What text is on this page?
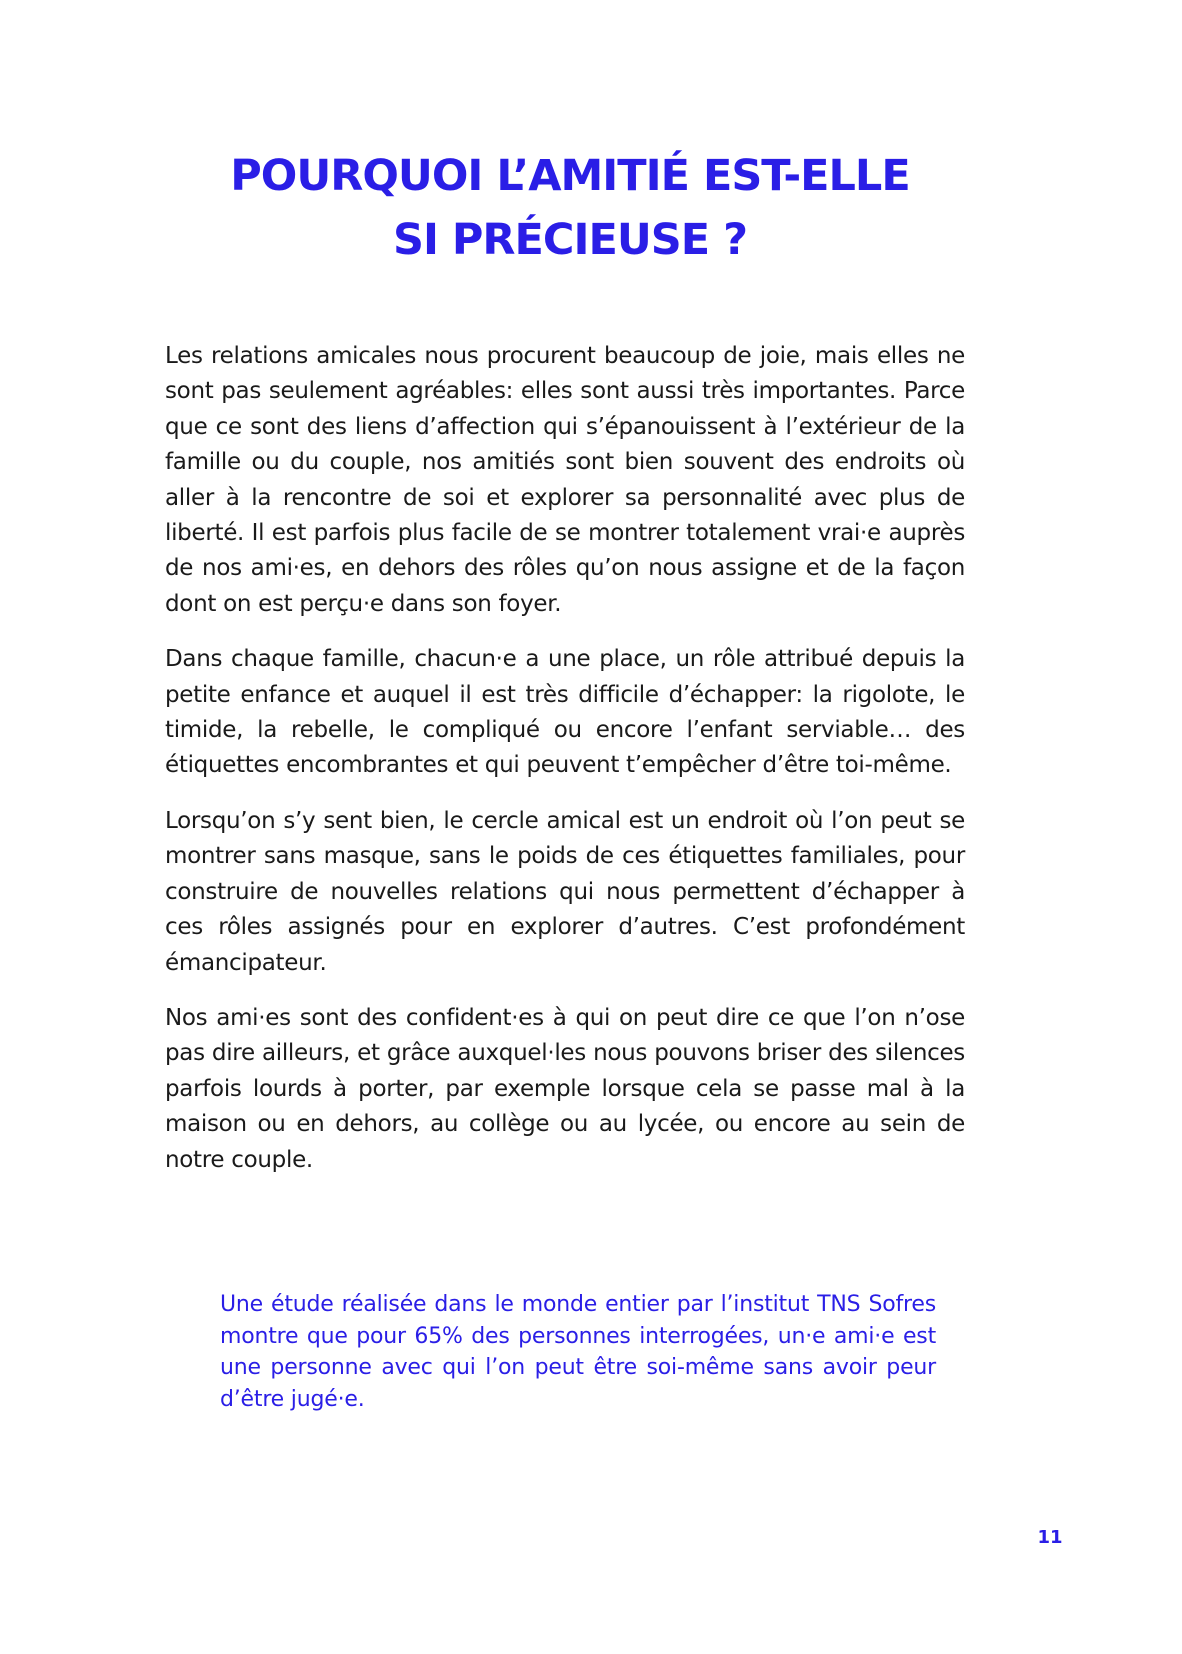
POURQUOI L’AMITIÉ EST-ELLE
SI PRÉCIEUSE ?

Les relations amicales nous procurent beaucoup de joie, mais elles ne sont pas seulement agréables: elles sont aussi très importantes. Parce que ce sont des liens d’affection qui s’épanouissent à l’extérieur de la famille ou du couple, nos amitiés sont bien souvent des endroits où aller à la rencontre de soi et explorer sa personnalité avec plus de liberté. Il est parfois plus facile de se montrer totalement vrai·e auprès de nos ami·es, en dehors des rôles qu’on nous assigne et de la façon dont on est perçu·e dans son foyer.

Dans chaque famille, chacun·e a une place, un rôle attribué depuis la petite enfance et auquel il est très difficile d’échapper: la rigolote, le timide, la rebelle, le compliqué ou encore l’enfant serviable… des étiquettes encombrantes et qui peuvent t’empêcher d’être toi-même.

Lorsqu’on s’y sent bien, le cercle amical est un endroit où l’on peut se montrer sans masque, sans le poids de ces étiquettes familiales, pour construire de nouvelles relations qui nous permettent d’échapper à ces rôles assignés pour en explorer d’autres. C’est profondément émancipateur.

Nos ami·es sont des confident·es à qui on peut dire ce que l’on n’ose pas dire ailleurs, et grâce auxquel·les nous pouvons briser des silences parfois lourds à porter, par exemple lorsque cela se passe mal à la maison ou en dehors, au collège ou au lycée, ou encore au sein de notre couple.

Une étude réalisée dans le monde entier par l’institut TNS Sofres montre que pour 65% des personnes interrogées, un·e ami·e est une personne avec qui l’on peut être soi-même sans avoir peur d’être jugé·e.

11
